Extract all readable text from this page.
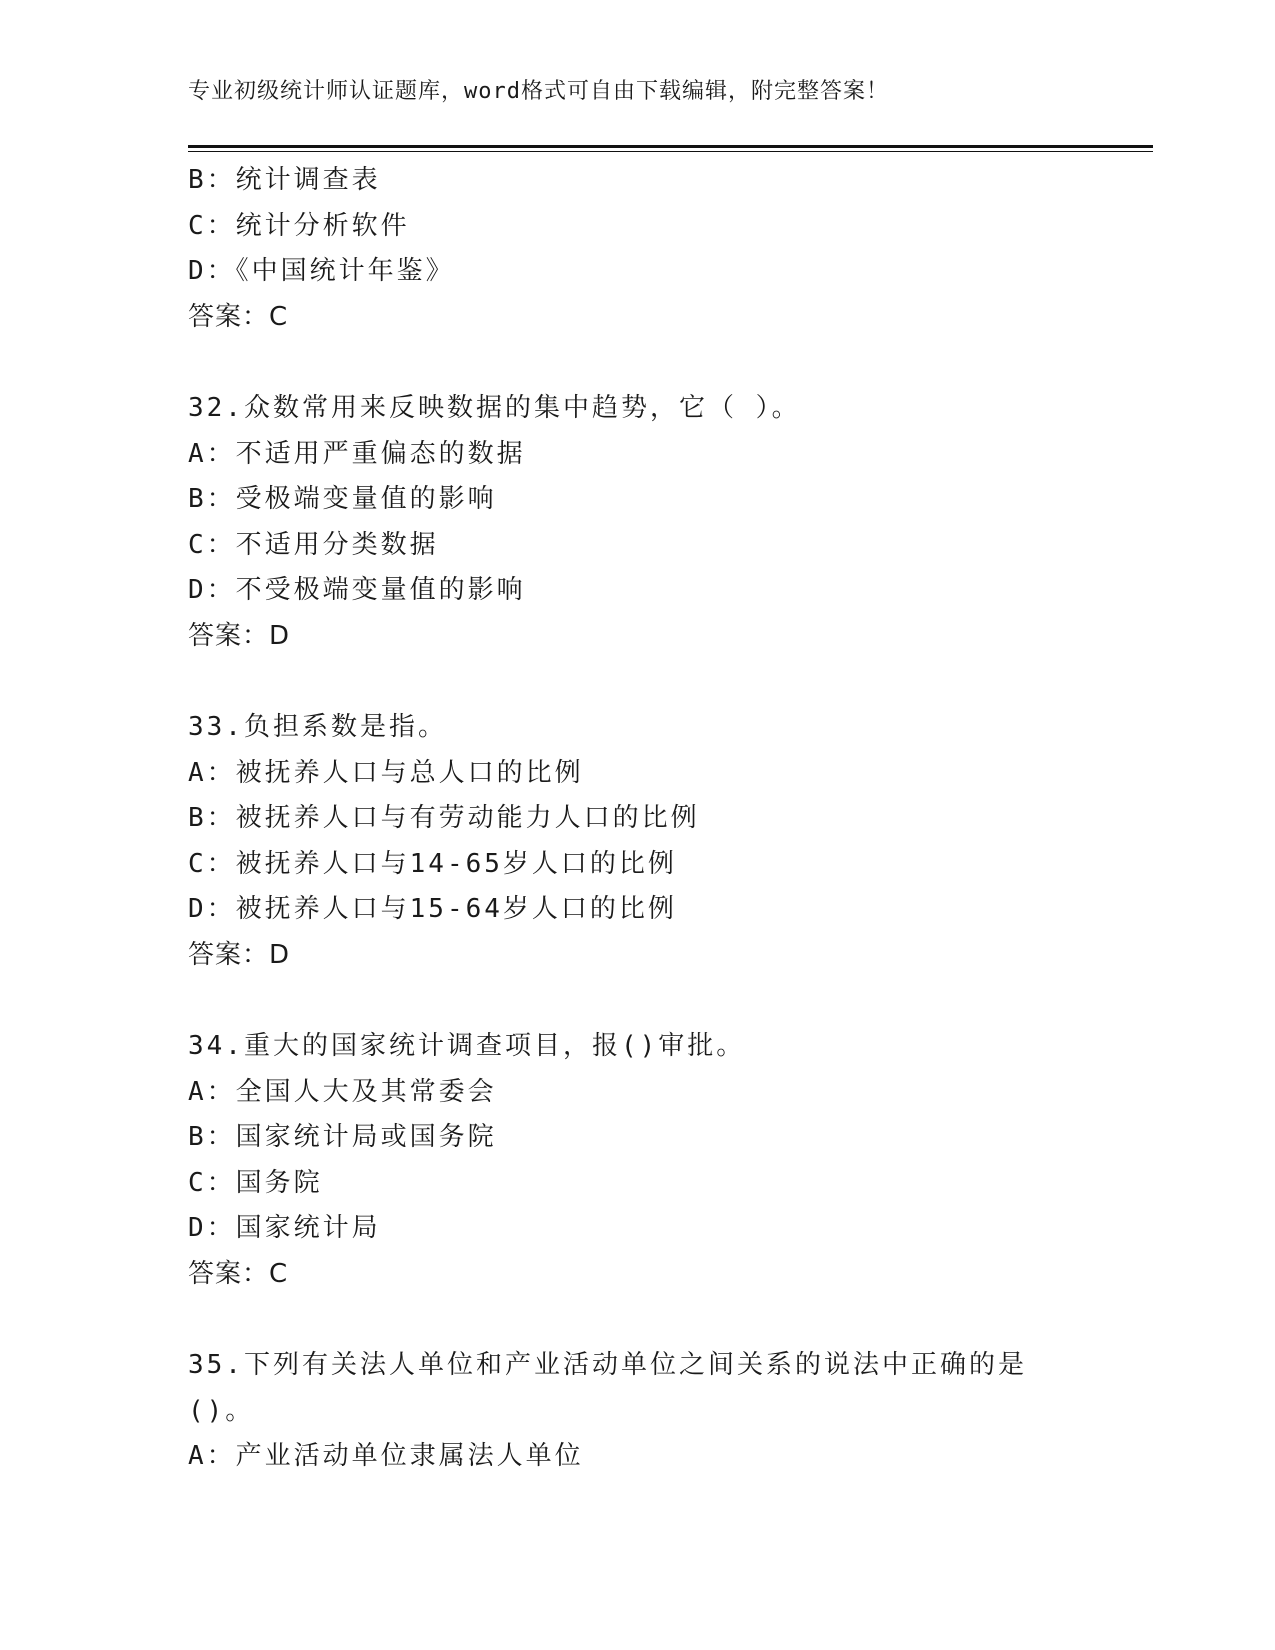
专业初级统计师认证题库，word格式可自由下载编辑，附完整答案！
B：统计调查表
C：统计分析软件
D：《中国统计年鉴》
答案：C
32.众数常用来反映数据的集中趋势，它（ ）。
A：不适用严重偏态的数据
B：受极端变量值的影响
C：不适用分类数据
D：不受极端变量值的影响
答案：D
33.负担系数是指。
A：被抚养人口与总人口的比例
B：被抚养人口与有劳动能力人口的比例
C：被抚养人口与14-65岁人口的比例
D：被抚养人口与15-64岁人口的比例
答案：D
34.重大的国家统计调查项目，报()审批。
A：全国人大及其常委会
B：国家统计局或国务院
C：国务院
D：国家统计局
答案：C
35.下列有关法人单位和产业活动单位之间关系的说法中正确的是()。
A：产业活动单位隶属法人单位
